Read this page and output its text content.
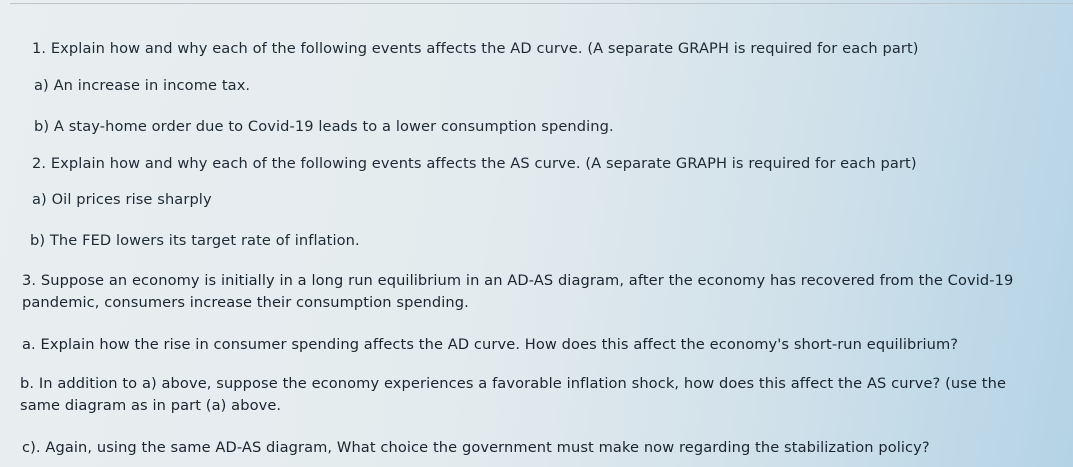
1. Explain how and why each of the following events affects the AD curve. (A separate GRAPH is required for each part)
a) An increase in income tax.
b) A stay-home order due to Covid-19 leads to a lower consumption spending.
2. Explain how and why each of the following events affects the AS curve. (A separate GRAPH is required for each part)
a) Oil prices rise sharply
b) The FED lowers its target rate of inflation.
3. Suppose an economy is initially in a long run equilibrium in an AD-AS diagram, after the economy has recovered from the Covid-19 pandemic, consumers increase their consumption spending.
a. Explain how the rise in consumer spending affects the AD curve. How does this affect the economy's short-run equilibrium?
b. In addition to a) above, suppose the economy experiences a favorable inflation shock, how does this affect the AS curve? (use the same diagram as in part (a) above.
c). Again, using the same AD-AS diagram, What choice the government must make now regarding the stabilization policy?
